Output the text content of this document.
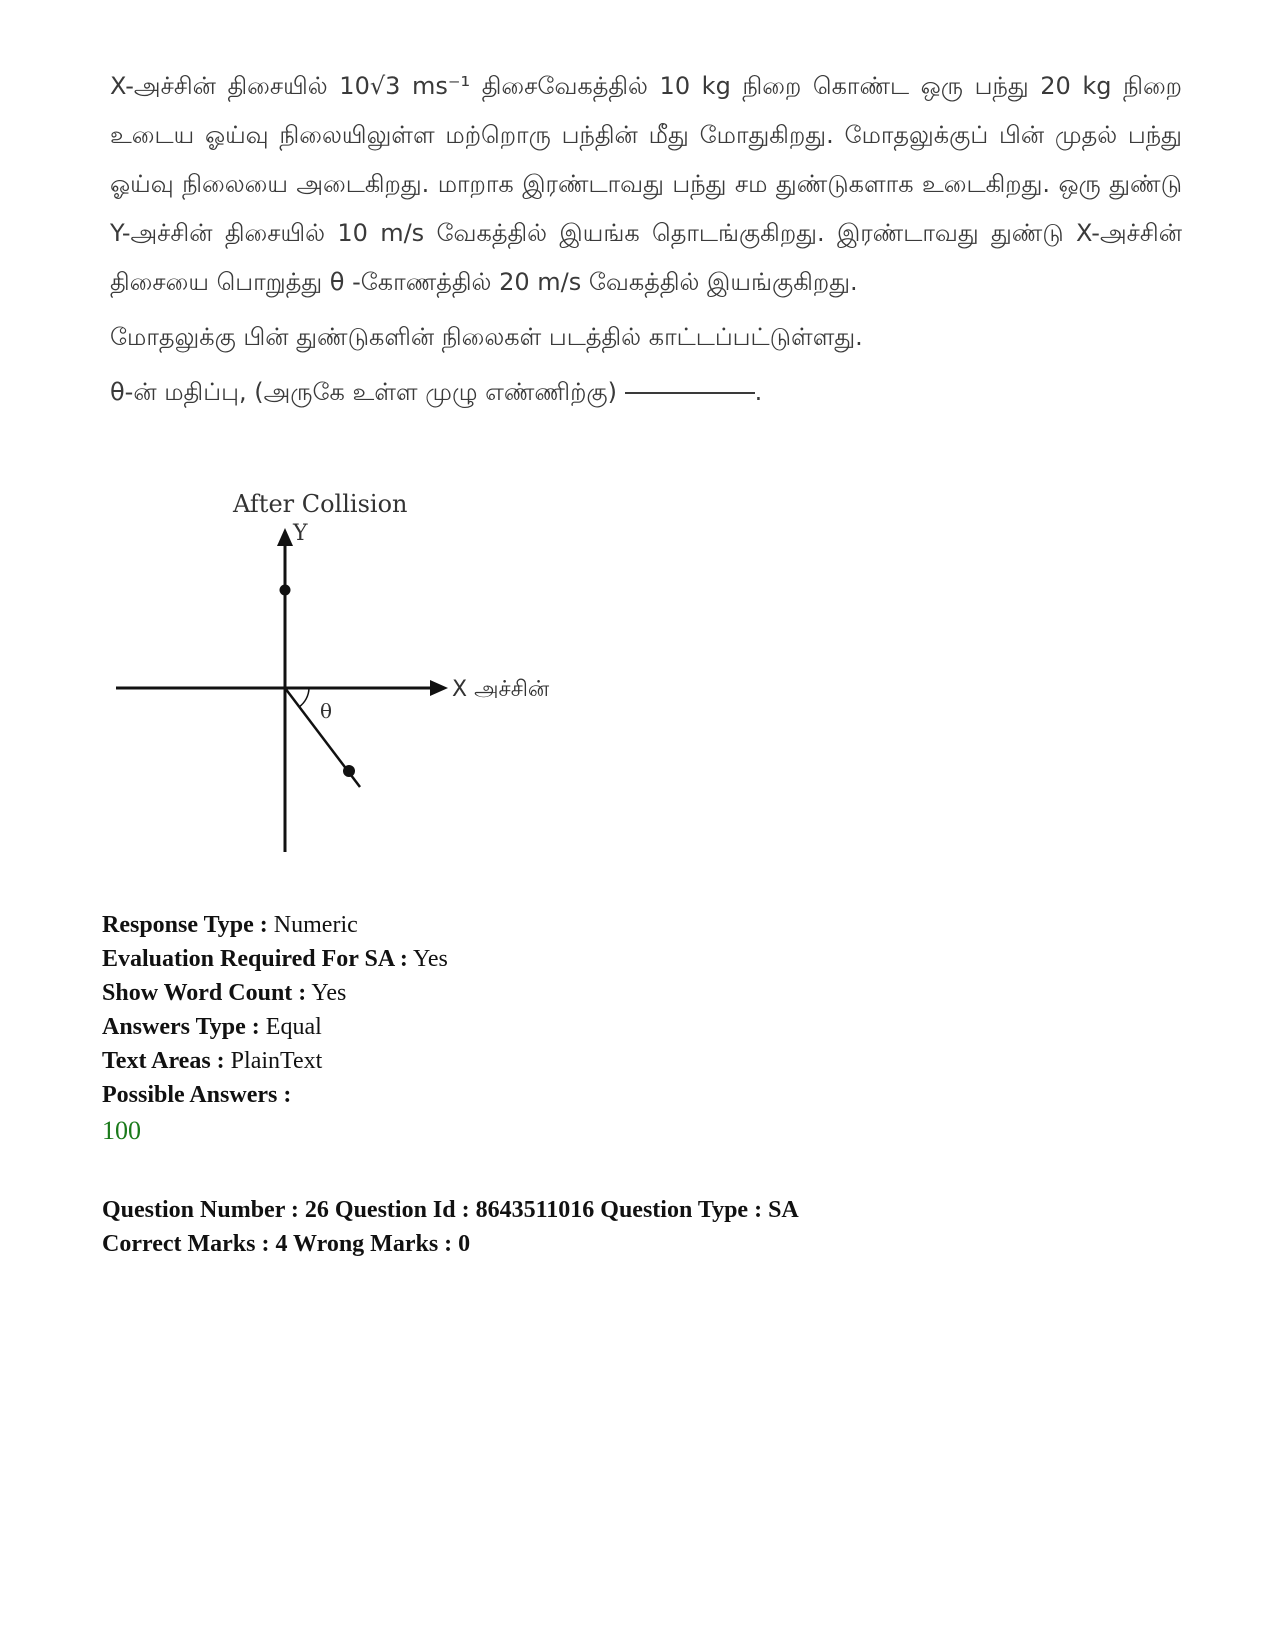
X-அச்சின் திசையில் 10√3 ms⁻¹ திசைவேகத்தில் 10 kg நிறை கொண்ட ஒரு பந்து 20 kg நிறை உடைய ஓய்வு நிலையிலுள்ள மற்றொரு பந்தின் மீது மோதுகிறது. மோதலுக்குப் பின் முதல் பந்து ஓய்வு நிலையை அடைகிறது. மாறாக இரண்டாவது பந்து சம துண்டுகளாக உடைகிறது. ஒரு துண்டு Y-அச்சின் திசையில் 10 m/s வேகத்தில் இயங்க தொடங்குகிறது. இரண்டாவது துண்டு X-அச்சின் திசையை பொறுத்து θ -கோணத்தில் 20 m/s வேகத்தில் இயங்குகிறது.

மோதலுக்கு பின் துண்டுகளின் நிலைகள் படத்தில் காட்டப்பட்டுள்ளது.

θ-ன் மதிப்பு, (அருகே உள்ள முழு எண்ணிற்கு)	.

After Collision
Y
X அச்சின்
θ
Response Type : Numeric
Evaluation Required For SA : Yes
Show Word Count : Yes
Answers Type : Equal
Text Areas : PlainText
Possible Answers :
100
Question Number : 26 Question Id : 8643511016 Question Type : SA
Correct Marks : 4 Wrong Marks : 0
